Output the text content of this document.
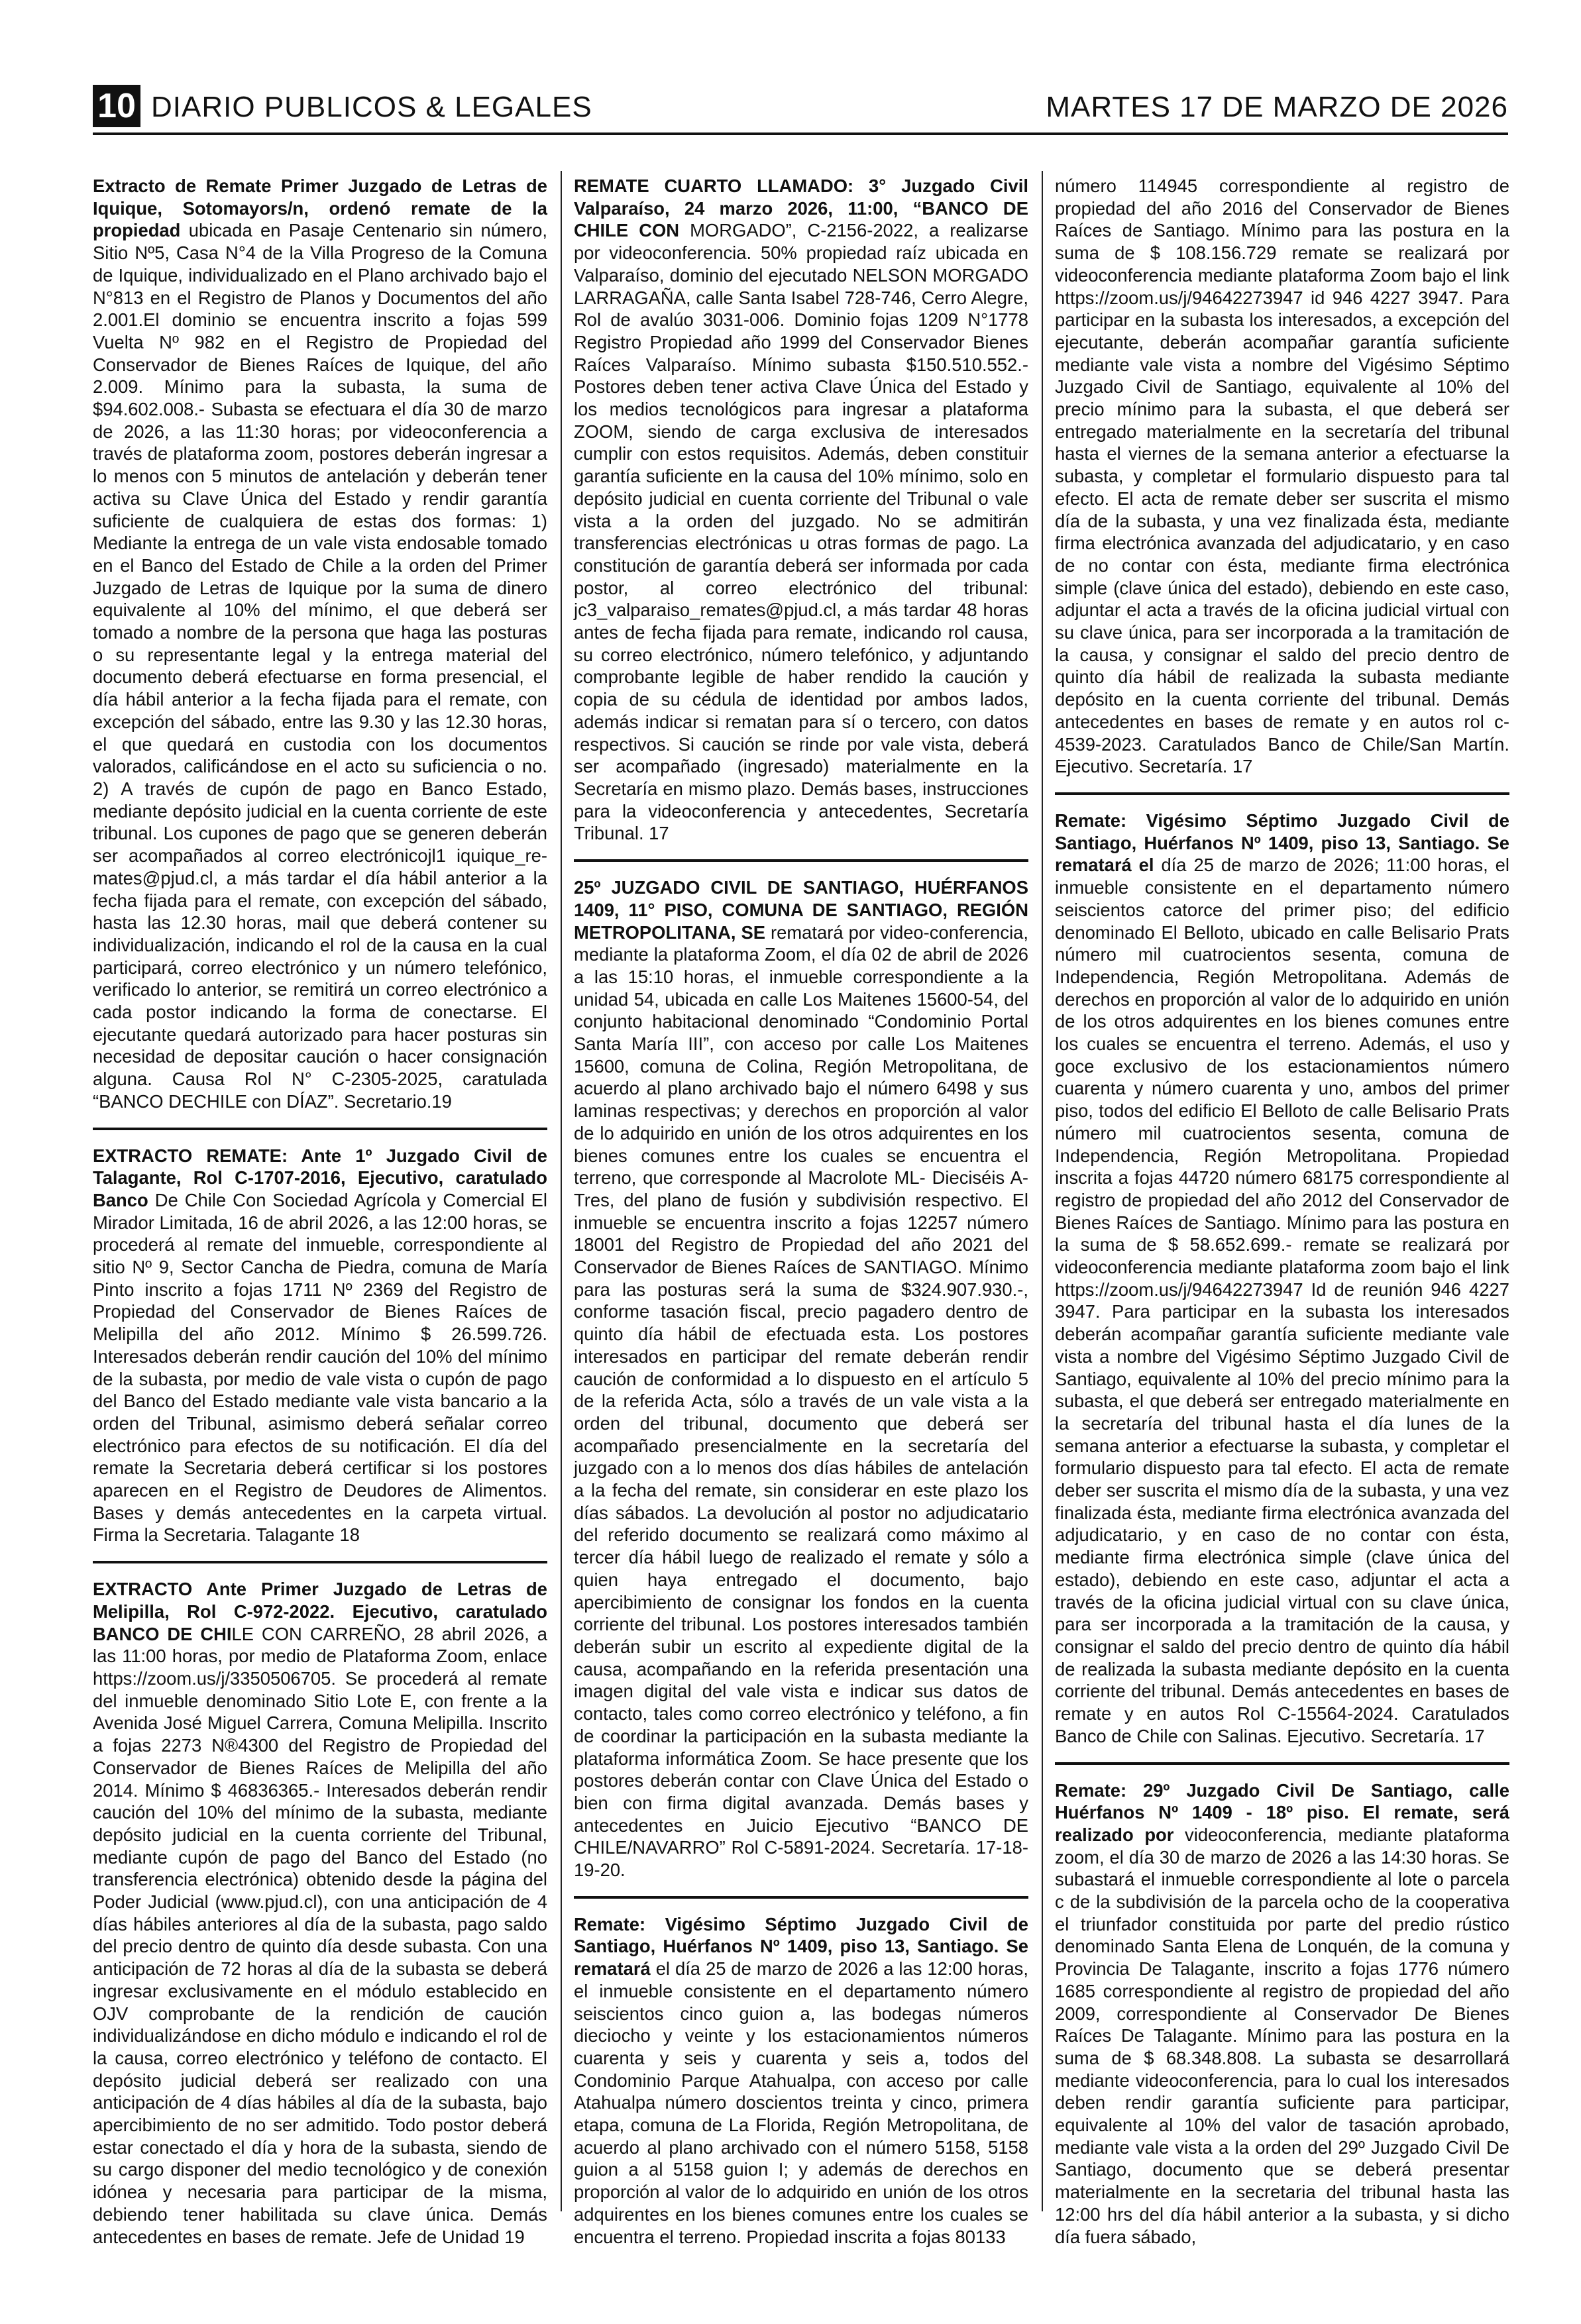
10 DIARIO PUBLICOS & LEGALES	MARTES 17 DE MARZO DE 2026

Extracto de Remate Primer Juzgado de Letras de Iquique, Sotomayors/n, ordenó remate de la propiedad ubicada en Pasaje Centenario sin número, Sitio Nº5, Casa N°4 de la Villa Progreso de la Comuna de Iquique, individualizado en el Plano archivado bajo el N°813 en el Registro de Planos y Documentos del año 2.001.El dominio se encuentra inscrito a fojas 599 Vuelta Nº 982 en el Registro de Propiedad del Conservador de Bienes Raíces de Iquique, del año 2.009. Mínimo para la subasta, la suma de $94.602.008.- Subasta se efectuara el día 30 de marzo de 2026, a las 11:30 horas; por videoconferencia a través de plataforma zoom, postores deberán ingresar a lo menos con 5 minutos de antelación y deberán tener activa su Clave Única del Estado y rendir garantía suficiente de cualquiera de estas dos formas: 1) Mediante la entrega de un vale vista endosable tomado en el Banco del Estado de Chile a la orden del Primer Juzgado de Letras de Iquique por la suma de dinero equivalente al 10% del mínimo, el que deberá ser tomado a nombre de la persona que haga las posturas o su representante legal y la entrega material del documento deberá efectuarse en forma presencial, el día hábil anterior a la fecha fijada para el remate, con excepción del sábado, entre las 9.30 y las 12.30 horas, el que quedará en custodia con los documentos valorados, calificándose en el acto su suficiencia o no. 2) A través de cupón de pago en Banco Estado, mediante depósito judicial en la cuenta corriente de este tribunal. Los cupones de pago que se generen deberán ser acompañados al correo electrónicojl1 iquique_re-mates@pjud.cl, a más tardar el día hábil anterior a la fecha fijada para el remate, con excepción del sábado, hasta las 12.30 horas, mail que deberá contener su individualización, indicando el rol de la causa en la cual participará, correo electrónico y un número telefónico, verificado lo anterior, se remitirá un correo electrónico a cada postor indicando la forma de conectarse. El ejecutante quedará autorizado para hacer posturas sin necesidad de depositar caución o hacer consignación alguna. Causa Rol N° C-2305-2025, caratulada “BANCO DECHILE con DÍAZ”. Secretario.19

EXTRACTO REMATE: Ante 1º Juzgado Civil de Talagante, Rol C-1707-2016, Ejecutivo, caratulado Banco De Chile Con Sociedad Agrícola y Comercial El Mirador Limitada, 16 de abril 2026, a las 12:00 horas, se procederá al remate del inmueble, correspondiente al sitio Nº 9, Sector Cancha de Piedra, comuna de María Pinto inscrito a fojas 1711 Nº 2369 del Registro de Propiedad del Conservador de Bienes Raíces de Melipilla del año 2012. Mínimo $ 26.599.726. Interesados deberán rendir caución del 10% del mínimo de la subasta, por medio de vale vista o cupón de pago del Banco del Estado mediante vale vista bancario a la orden del Tribunal, asimismo deberá señalar correo electrónico para efectos de su notificación. El día del remate la Secretaria deberá certificar si los postores aparecen en el Registro de Deudores de Alimentos. Bases y demás antecedentes en la carpeta virtual. Firma la Secretaria. Talagante 18

EXTRACTO Ante Primer Juzgado de Letras de Melipilla, Rol C-972-2022. Ejecutivo, caratulado BANCO DE CHILE CON CARREÑO, 28 abril 2026, a las 11:00 horas, por medio de Plataforma Zoom, enlace https://zoom.us/j/3350506705. Se procederá al remate del inmueble denominado Sitio Lote E, con frente a la Avenida José Miguel Carrera, Comuna Melipilla. Inscrito a fojas 2273 N®4300 del Registro de Propiedad del Conservador de Bienes Raíces de Melipilla del año 2014. Mínimo $ 46836365.- Interesados deberán rendir caución del 10% del mínimo de la subasta, mediante depósito judicial en la cuenta corriente del Tribunal, mediante cupón de pago del Banco del Estado (no transferencia electrónica) obtenido desde la página del Poder Judicial (www.pjud.cl), con una anticipación de 4 días hábiles anteriores al día de la subasta, pago saldo del precio dentro de quinto día desde subasta. Con una anticipación de 72 horas al día de la subasta se deberá ingresar exclusivamente en el módulo establecido en OJV comprobante de la rendición de caución individualizándose en dicho módulo e indicando el rol de la causa, correo electrónico y teléfono de contacto. El depósito judicial deberá ser realizado con una anticipación de 4 días hábiles al día de la subasta, bajo apercibimiento de no ser admitido. Todo postor deberá estar conectado el día y hora de la subasta, siendo de su cargo disponer del medio tecnológico y de conexión idónea y necesaria para participar de la misma, debiendo tener habilitada su clave única. Demás antecedentes en bases de remate. Jefe de Unidad 19

REMATE CUARTO LLAMADO: 3° Juzgado Civil Valparaíso, 24 marzo 2026, 11:00, “BANCO DE CHILE CON MORGADO”, C-2156-2022, a realizarse por videoconferencia. 50% propiedad raíz ubicada en Valparaíso, dominio del ejecutado NELSON MORGADO LARRAGAÑA, calle Santa Isabel 728-746, Cerro Alegre, Rol de avalúo 3031-006. Dominio fojas 1209 N°1778 Registro Propiedad año 1999 del Conservador Bienes Raíces Valparaíso. Mínimo subasta $150.510.552.- Postores deben tener activa Clave Única del Estado y los medios tecnológicos para ingresar a plataforma ZOOM, siendo de carga exclusiva de interesados cumplir con estos requisitos. Además, deben constituir garantía suficiente en la causa del 10% mínimo, solo en depósito judicial en cuenta corriente del Tribunal o vale vista a la orden del juzgado. No se admitirán transferencias electrónicas u otras formas de pago. La constitución de garantía deberá ser informada por cada postor, al correo electrónico del tribunal: jc3_valparaiso_remates@pjud.cl, a más tardar 48 horas antes de fecha fijada para remate, indicando rol causa, su correo electrónico, número telefónico, y adjuntando comprobante legible de haber rendido la caución y copia de su cédula de identidad por ambos lados, además indicar si rematan para sí o tercero, con datos respectivos. Si caución se rinde por vale vista, deberá ser acompañado (ingresado) materialmente en la Secretaría en mismo plazo. Demás bases, instrucciones para la videoconferencia y antecedentes, Secretaría Tribunal. 17

25º JUZGADO CIVIL DE SANTIAGO, HUÉRFANOS 1409, 11° PISO, COMUNA DE SANTIAGO, REGIÓN METROPOLITANA, SE rematará por video-conferencia, mediante la plataforma Zoom, el día 02 de abril de 2026 a las 15:10 horas, el inmueble correspondiente a la unidad 54, ubicada en calle Los Maitenes 15600-54, del conjunto habitacional denominado “Condominio Portal Santa María III”, con acceso por calle Los Maitenes 15600, comuna de Colina, Región Metropolitana, de acuerdo al plano archivado bajo el número 6498 y sus laminas respectivas; y derechos en proporción al valor de lo adquirido en unión de los otros adquirentes en los bienes comunes entre los cuales se encuentra el terreno, que corresponde al Macrolote ML- Dieciséis A- Tres, del plano de fusión y subdivisión respectivo. El inmueble se encuentra inscrito a fojas 12257 número 18001 del Registro de Propiedad del año 2021 del Conservador de Bienes Raíces de SANTIAGO. Mínimo para las posturas será la suma de $324.907.930.-, conforme tasación fiscal, precio pagadero dentro de quinto día hábil de efectuada esta. Los postores interesados en participar del remate deberán rendir caución de conformidad a lo dispuesto en el artículo 5 de la referida Acta, sólo a través de un vale vista a la orden del tribunal, documento que deberá ser acompañado presencialmente en la secretaría del juzgado con a lo menos dos días hábiles de antelación a la fecha del remate, sin considerar en este plazo los días sábados. La devolución al postor no adjudicatario del referido documento se realizará como máximo al tercer día hábil luego de realizado el remate y sólo a quien haya entregado el documento, bajo apercibimiento de consignar los fondos en la cuenta corriente del tribunal. Los postores interesados también deberán subir un escrito al expediente digital de la causa, acompañando en la referida presentación una imagen digital del vale vista e indicar sus datos de contacto, tales como correo electrónico y teléfono, a fin de coordinar la participación en la subasta mediante la plataforma informática Zoom. Se hace presente que los postores deberán contar con Clave Única del Estado o bien con firma digital avanzada. Demás bases y antecedentes en Juicio Ejecutivo “BANCO DE CHILE/NAVARRO” Rol C-5891-2024. Secretaría. 17-18-19-20.

Remate: Vigésimo Séptimo Juzgado Civil de Santiago, Huérfanos Nº 1409, piso 13, Santiago. Se rematará el día 25 de marzo de 2026 a las 12:00 horas, el inmueble consistente en el departamento número seiscientos cinco guion a, las bodegas números dieciocho y veinte y los estacionamientos números cuarenta y seis y cuarenta y seis a, todos del Condominio Parque Atahualpa, con acceso por calle Atahualpa número doscientos treinta y cinco, primera etapa, comuna de La Florida, Región Metropolitana, de acuerdo al plano archivado con el número 5158, 5158 guion a al 5158 guion I; y además de derechos en proporción al valor de lo adquirido en unión de los otros adquirentes en los bienes comunes entre los cuales se encuentra el terreno. Propiedad inscrita a fojas 80133

número 114945 correspondiente al registro de propiedad del año 2016 del Conservador de Bienes Raíces de Santiago. Mínimo para las postura en la suma de $ 108.156.729 remate se realizará por videoconferencia mediante plataforma Zoom bajo el link https://zoom.us/j/94642273947 id 946 4227 3947. Para participar en la subasta los interesados, a excepción del ejecutante, deberán acompañar garantía suficiente mediante vale vista a nombre del Vigésimo Séptimo Juzgado Civil de Santiago, equivalente al 10% del precio mínimo para la subasta, el que deberá ser entregado materialmente en la secretaría del tribunal hasta el viernes de la semana anterior a efectuarse la subasta, y completar el formulario dispuesto para tal efecto. El acta de remate deber ser suscrita el mismo día de la subasta, y una vez finalizada ésta, mediante firma electrónica avanzada del adjudicatario, y en caso de no contar con ésta, mediante firma electrónica simple (clave única del estado), debiendo en este caso, adjuntar el acta a través de la oficina judicial virtual con su clave única, para ser incorporada a la tramitación de la causa, y consignar el saldo del precio dentro de quinto día hábil de realizada la subasta mediante depósito en la cuenta corriente del tribunal. Demás antecedentes en bases de remate y en autos rol c-4539-2023. Caratulados Banco de Chile/San Martín. Ejecutivo. Secretaría. 17

Remate: Vigésimo Séptimo Juzgado Civil de Santiago, Huérfanos Nº 1409, piso 13, Santiago. Se rematará el día 25 de marzo de 2026; 11:00 horas, el inmueble consistente en el departamento número seiscientos catorce del primer piso; del edificio denominado El Belloto, ubicado en calle Belisario Prats número mil cuatrocientos sesenta, comuna de Independencia, Región Metropolitana. Además de derechos en proporción al valor de lo adquirido en unión de los otros adquirentes en los bienes comunes entre los cuales se encuentra el terreno. Además, el uso y goce exclusivo de los estacionamientos número cuarenta y número cuarenta y uno, ambos del primer piso, todos del edificio El Belloto de calle Belisario Prats número mil cuatrocientos sesenta, comuna de Independencia, Región Metropolitana. Propiedad inscrita a fojas 44720 número 68175 correspondiente al registro de propiedad del año 2012 del Conservador de Bienes Raíces de Santiago. Mínimo para las postura en la suma de $ 58.652.699.- remate se realizará por videoconferencia mediante plataforma zoom bajo el link https://zoom.us/j/94642273947 Id de reunión 946 4227 3947. Para participar en la subasta los interesados deberán acompañar garantía suficiente mediante vale vista a nombre del Vigésimo Séptimo Juzgado Civil de Santiago, equivalente al 10% del precio mínimo para la subasta, el que deberá ser entregado materialmente en la secretaría del tribunal hasta el día lunes de la semana anterior a efectuarse la subasta, y completar el formulario dispuesto para tal efecto. El acta de remate deber ser suscrita el mismo día de la subasta, y una vez finalizada ésta, mediante firma electrónica avanzada del adjudicatario, y en caso de no contar con ésta, mediante firma electrónica simple (clave única del estado), debiendo en este caso, adjuntar el acta a través de la oficina judicial virtual con su clave única, para ser incorporada a la tramitación de la causa, y consignar el saldo del precio dentro de quinto día hábil de realizada la subasta mediante depósito en la cuenta corriente del tribunal. Demás antecedentes en bases de remate y en autos Rol C-15564-2024. Caratulados Banco de Chile con Salinas. Ejecutivo. Secretaría. 17

Remate: 29º Juzgado Civil De Santiago, calle Huérfanos Nº 1409 - 18º piso. El remate, será realizado por videoconferencia, mediante plataforma zoom, el día 30 de marzo de 2026 a las 14:30 horas. Se subastará el inmueble correspondiente al lote o parcela c de la subdivisión de la parcela ocho de la cooperativa el triunfador constituida por parte del predio rústico denominado Santa Elena de Lonquén, de la comuna y Provincia De Talagante, inscrito a fojas 1776 número 1685 correspondiente al registro de propiedad del año 2009, correspondiente al Conservador De Bienes Raíces De Talagante. Mínimo para las postura en la suma de $ 68.348.808. La subasta se desarrollará mediante videoconferencia, para lo cual los interesados deben rendir garantía suficiente para participar, equivalente al 10% del valor de tasación aprobado, mediante vale vista a la orden del 29º Juzgado Civil De Santiago, documento que se deberá presentar materialmente en la secretaria del tribunal hasta las 12:00 hrs del día hábil anterior a la subasta, y si dicho día fuera sábado,
